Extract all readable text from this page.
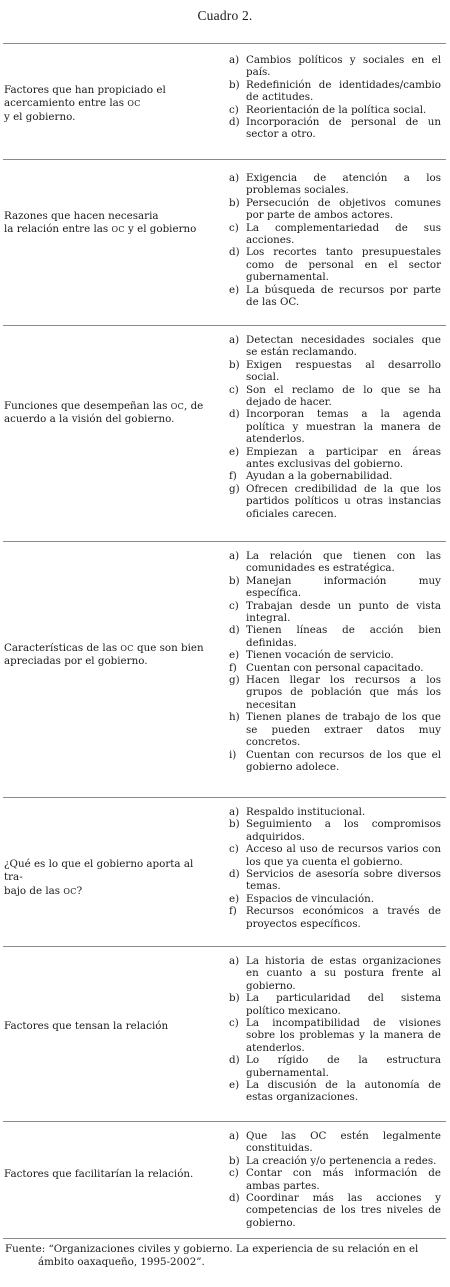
Cuadro 2.
Factores que han propiciado el
acercamiento entre las OC
y el gobierno.
a) Cambios políticos y sociales en el país.
b) Redefinición de identidades/cambio de actitudes.
c) Reorientación de la política social.
d) Incorporación de personal de un sector a otro.
Razones que hacen necesaria
la relación entre las OC y el gobierno
a) Exigencia de atención a los problemas sociales.
b) Persecución de objetivos comunes por parte de ambos actores.
c) La complementariedad de sus acciones.
d) Los recortes tanto presupuestales como de personal en el sector gubernamental.
e) La búsqueda de recursos por parte de las OC.
Funciones que desempeñan las OC, de
acuerdo a la visión del gobierno.
a) Detectan necesidades sociales que se están reclamando.
b) Exigen respuestas al desarrollo social.
c) Son el reclamo de lo que se ha dejado de hacer.
d) Incorporan temas a la agenda política y muestran la manera de atenderlos.
e) Empiezan a participar en áreas antes exclusivas del gobierno.
f) Ayudan a la gobernabilidad.
g) Ofrecen credibilidad de la que los partidos políticos u otras instancias oficiales carecen.
Características de las OC que son bien
apreciadas por el gobierno.
a) La relación que tienen con las comunidades es estratégica.
b) Manejan información muy específica.
c) Trabajan desde un punto de vista integral.
d) Tienen líneas de acción bien definidas.
e) Tienen vocación de servicio.
f) Cuentan con personal capacitado.
g) Hacen llegar los recursos a los grupos de población que más los necesitan
h) Tienen planes de trabajo de los que se pueden extraer datos muy concretos.
i) Cuentan con recursos de los que el gobierno adolece.
¿Qué es lo que el gobierno aporta al tra-
bajo de las OC?
a) Respaldo institucional.
b) Seguimiento a los compromisos adquiridos.
c) Acceso al uso de recursos varios con los que ya cuenta el gobierno.
d) Servicios de asesoría sobre diversos temas.
e) Espacios de vinculación.
f) Recursos económicos a través de proyectos específicos.
Factores que tensan la relación
a) La historia de estas organizaciones en cuanto a su postura frente al gobierno.
b) La particularidad del sistema político mexicano.
c) La incompatibilidad de visiones sobre los problemas y la manera de atenderlos.
d) Lo rígido de la estructura gubernamental.
e) La discusión de la autonomía de estas organizaciones.
Factores que facilitarían la relación.
a) Que las OC estén legalmente constituidas.
b) La creación y/o pertenencia a redes.
c) Contar con más información de ambas partes.
d) Coordinar más las acciones y competencias de los tres niveles de gobierno.
Fuente: “Organizaciones civiles y gobierno. La experiencia de su relación en el
ámbito oaxaqueño, 1995-2002”.
